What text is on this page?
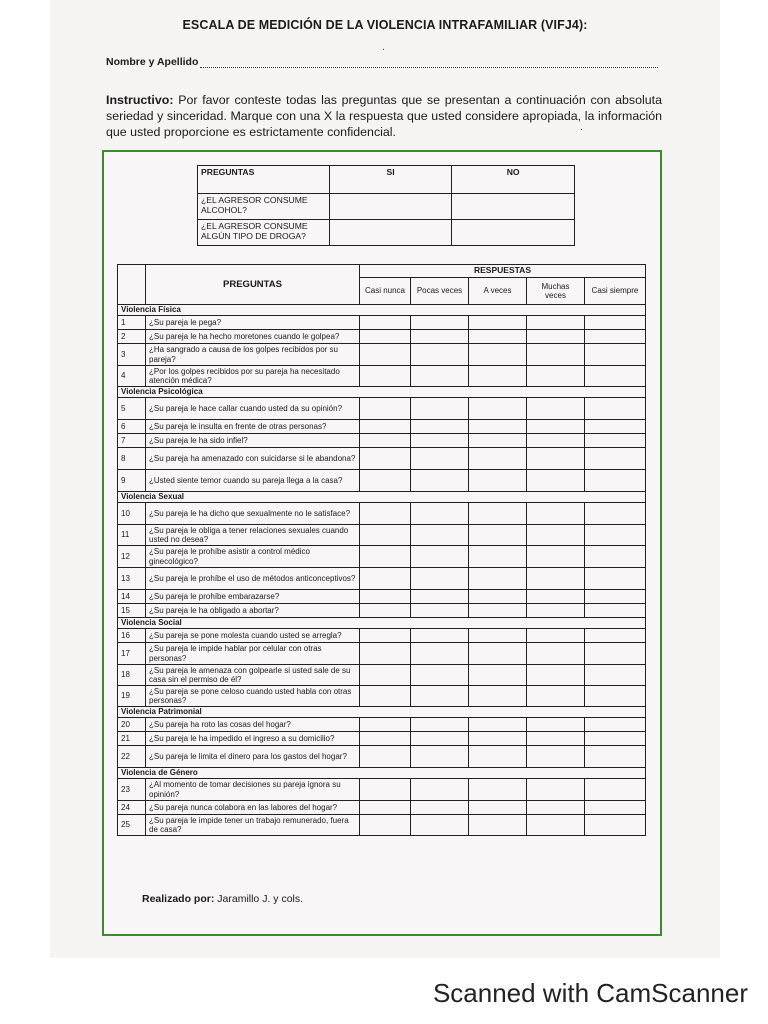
ESCALA DE MEDICIÓN DE LA VIOLENCIA INTRAFAMILIAR (VIFJ4):
Nombre y Apellido
Instructivo: Por favor conteste todas las preguntas que se presentan a continuación con absoluta seriedad y sinceridad. Marque con una X la respuesta que usted considere apropiada, la información que usted proporcione es estrictamente confidencial.
PREGUNTAS	SI	NO
¿EL AGRESOR CONSUME ALCOHOL?		
¿EL AGRESOR CONSUME ALGÚN TIPO DE DROGA?		
	PREGUNTAS	RESPUESTAS				
		Casi nunca	Pocas veces	A veces	Muchas veces	Casi siempre
Violencia Física						
1	¿Su pareja le pega?					
2	¿Su pareja le ha hecho moretones cuando le golpea?					
3	¿Ha sangrado a causa de los golpes recibidos por su pareja?					
4	¿Por los golpes recibidos por su pareja ha necesitado atención médica?					
Violencia Psicológica						
5	¿Su pareja le hace callar cuando usted da su opinión?					
6	¿Su pareja le insulta en frente de otras personas?					
7	¿Su pareja le ha sido infiel?					
8	¿Su pareja ha amenazado con suicidarse si le abandona?					
9	¿Usted siente temor cuando su pareja llega a la casa?					
Violencia Sexual						
10	¿Su pareja le ha dicho que sexualmente no le satisface?					
11	¿Su pareja le obliga a tener relaciones sexuales cuando usted no desea?					
12	¿Su pareja le prohíbe asistir a control médico ginecológico?					
13	¿Su pareja le prohíbe el uso de métodos anticonceptivos?					
14	¿Su pareja le prohíbe embarazarse?					
15	¿Su pareja le ha obligado a abortar?					
Violencia Social						
16	¿Su pareja se pone molesta cuando usted se arregla?					
17	¿Su pareja le impide hablar por celular con otras personas?					
18	¿Su pareja le amenaza con golpearle si usted sale de su casa sin el permiso de él?					
19	¿Su pareja se pone celoso cuando usted habla con otras personas?					
Violencia Patrimonial						
20	¿Su pareja ha roto las cosas del hogar?					
21	¿Su pareja le ha impedido el ingreso a su domicilio?					
22	¿Su pareja le limita el dinero para los gastos del hogar?					
Violencia de Género						
23	¿Al momento de tomar decisiones su pareja ignora su opinión?					
24	¿Su pareja nunca colabora en las labores del hogar?					
25	¿Su pareja le impide tener un trabajo remunerado, fuera de casa?					
Realizado por: Jaramillo J. y cols.
.
.
Scanned with CamScanner
